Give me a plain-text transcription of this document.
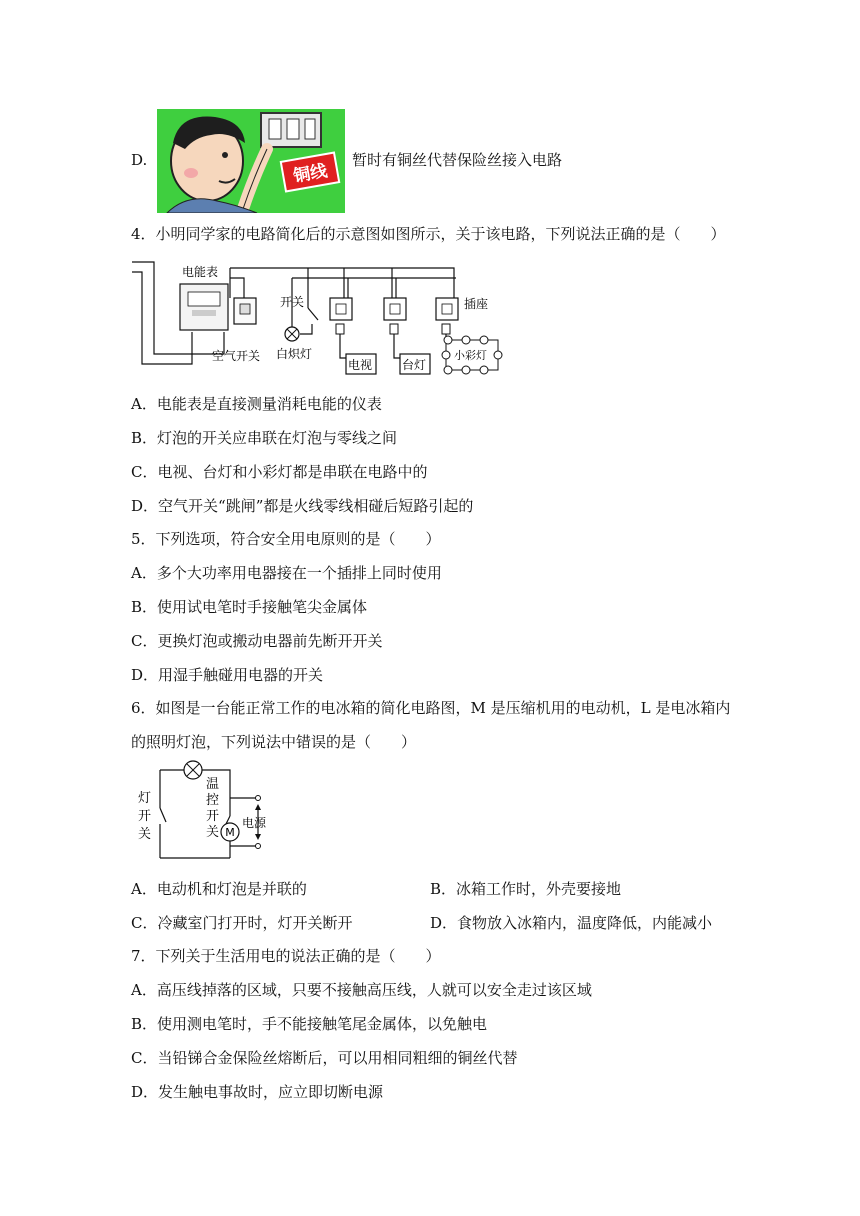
D.
铜线
暂时有铜丝代替保险丝接入电路
4．小明同学家的电路简化后的示意图如图所示，关于该电路，下列说法正确的是（　　）
电能表
开关	插座
空气开关 白炽灯
电视 台灯
小彩灯
A．电能表是直接测量消耗电能的仪表
B．灯泡的开关应串联在灯泡与零线之间
C．电视、台灯和小彩灯都是串联在电路中的
D．空气开关“跳闸”都是火线零线相碰后短路引起的
5．下列选项，符合安全用电原则的是（　　）
A．多个大功率用电器接在一个插排上同时使用
B．使用试电笔时手接触笔尖金属体
C．更换灯泡或搬动电器前先断开开关
D．用湿手触碰用电器的开关
6．如图是一台能正常工作的电冰箱的简化电路图，M 是压缩机用的电动机，L 是电冰箱内
的照明灯泡，下列说法中错误的是（　　）
灯
开
关
温
控
开
关 M
电源
A．电动机和灯泡是并联的	B．冰箱工作时，外壳要接地
C．冷藏室门打开时，灯开关断开	D．食物放入冰箱内，温度降低，内能减小
7．下列关于生活用电的说法正确的是（　　）
A．高压线掉落的区域，只要不接触高压线，人就可以安全走过该区域
B．使用测电笔时，手不能接触笔尾金属体，以免触电
C．当铅锑合金保险丝熔断后，可以用相同粗细的铜丝代替
D．发生触电事故时，应立即切断电源
